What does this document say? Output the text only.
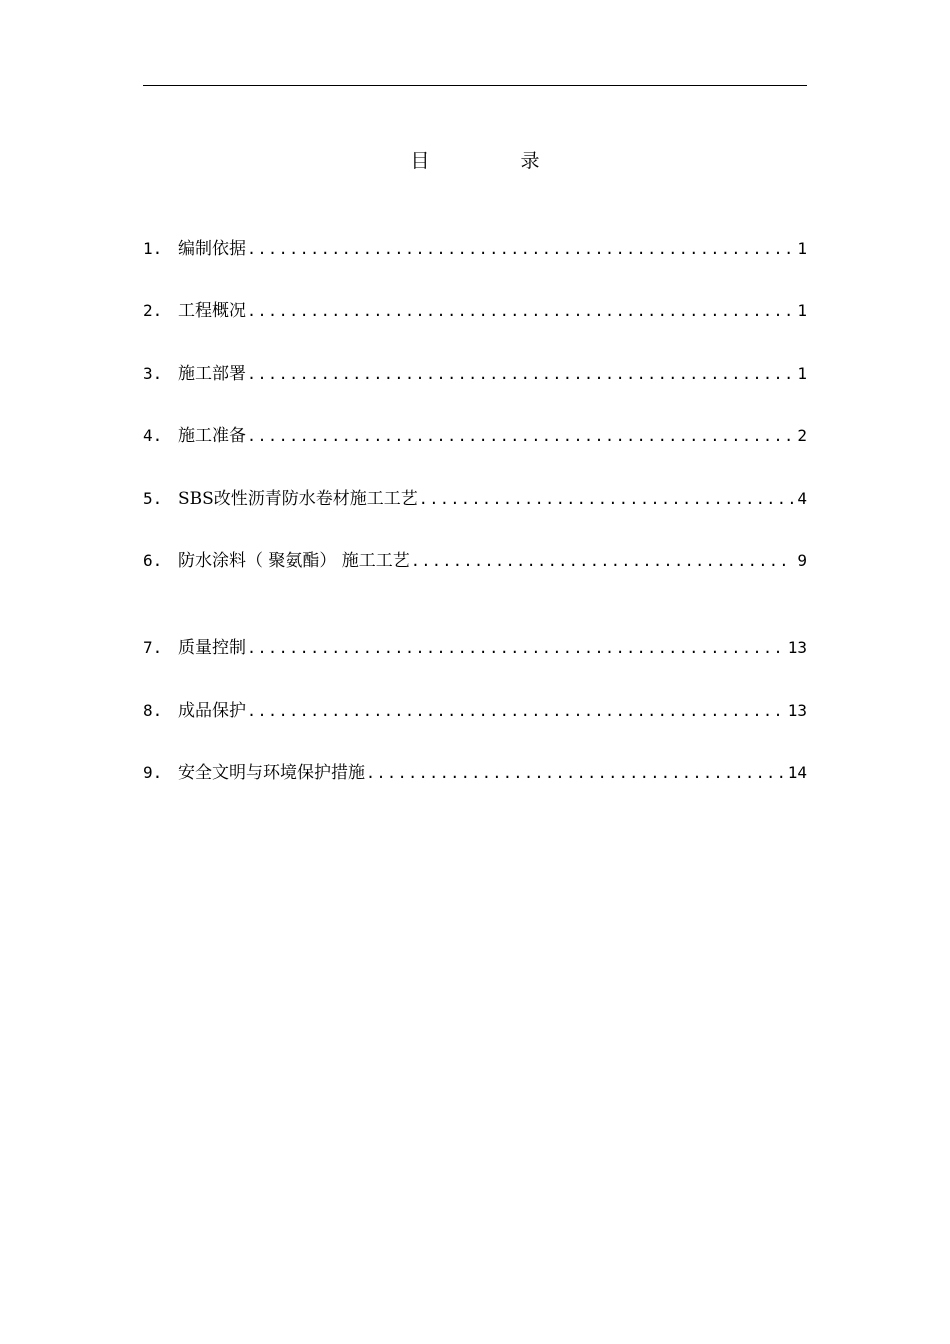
目　录
1. 编制依据 .....	1
2. 工程概况 .....	1
3. 施工部署 .....	1
4. 施工准备 .....	2
5. SBS改性沥青防水卷材施工工艺 .....	4
6. 防水涂料（ 聚氨酯） 施工工艺 .....	9
7. 质量控制 .....	13
8. 成品保护 .....	13
9. 安全文明与环境保护措施 .....	14
